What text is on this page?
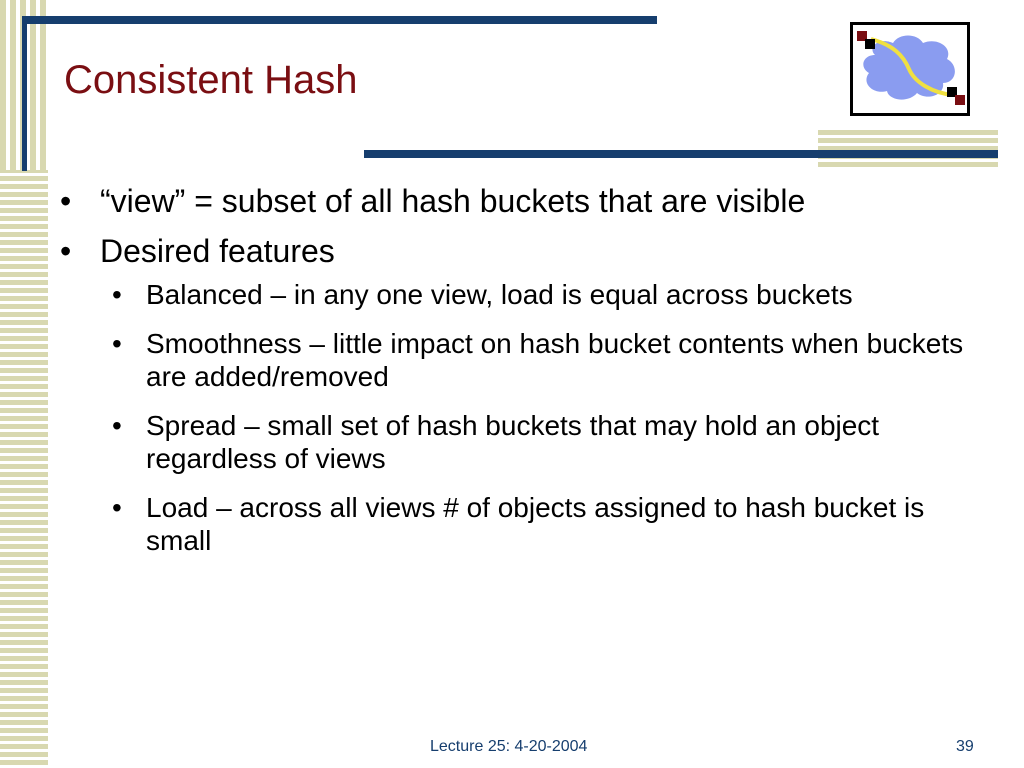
Consistent Hash
• “view” = subset of all hash buckets that are visible
• Desired features
• Balanced – in any one view, load is equal across buckets
• Smoothness – little impact on hash bucket contents when buckets are added/removed
• Spread – small set of hash buckets that may hold an object regardless of views
• Load – across all views # of objects assigned to hash bucket is small
Lecture 25: 4-20-2004	39
